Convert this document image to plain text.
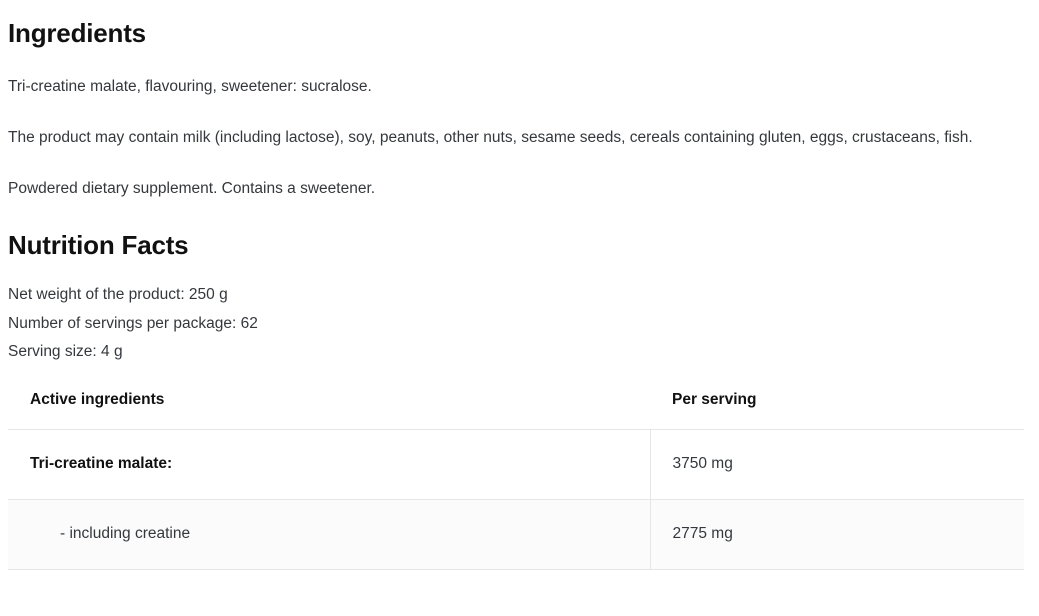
Ingredients

Tri-creatine malate, flavouring, sweetener: sucralose.

The product may contain milk (including lactose), soy, peanuts, other nuts, sesame seeds, cereals containing gluten, eggs, crustaceans, fish.

Powdered dietary supplement. Contains a sweetener.

Nutrition Facts
Net weight of the product: 250 g
Number of servings per package: 62
Serving size: 4 g
Active ingredients	Per serving
Tri-creatine malate:	3750 mg
- including creatine	2775 mg
